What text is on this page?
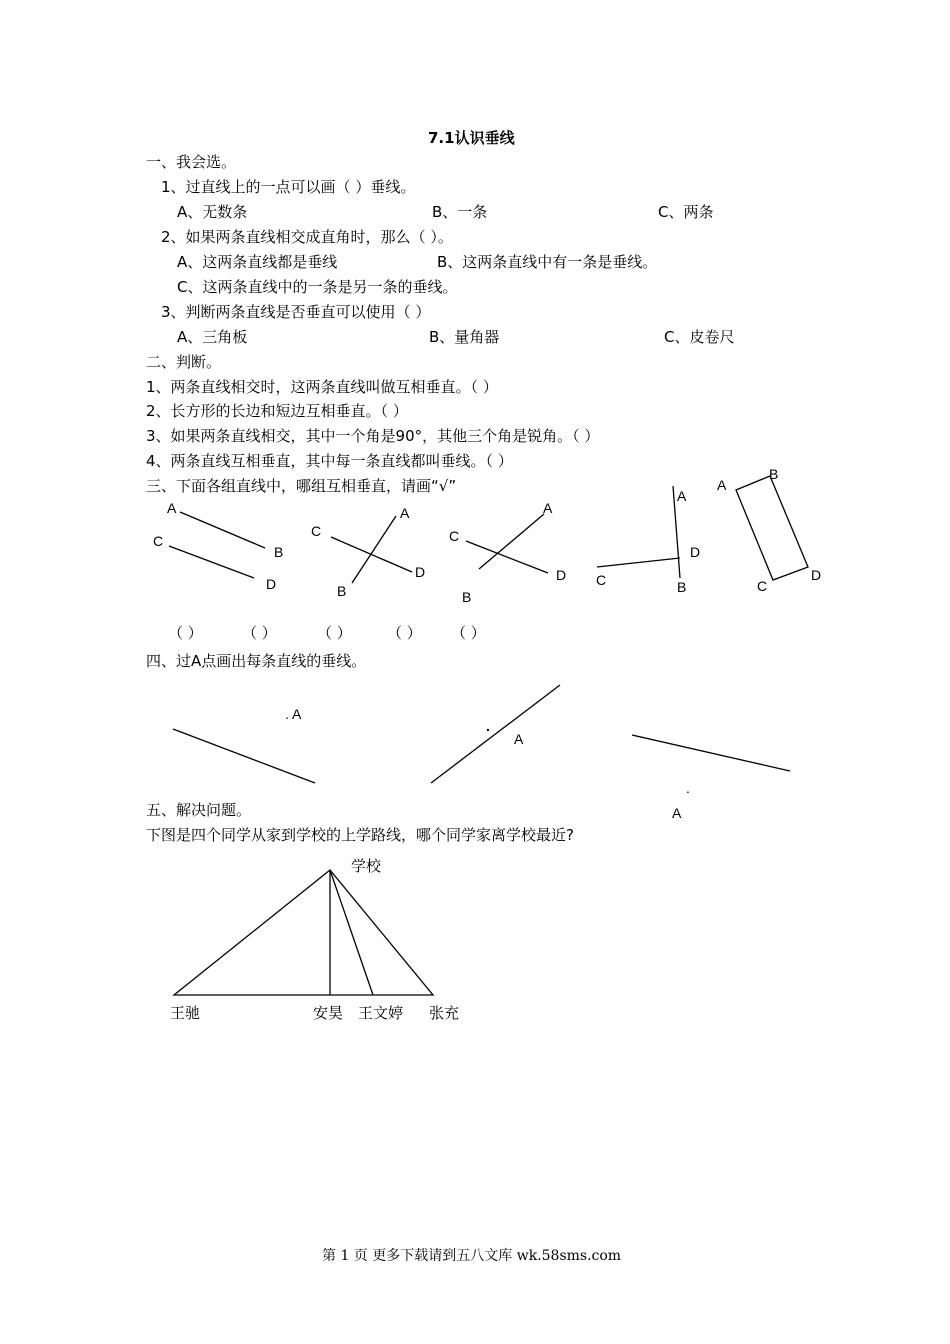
7.1认识垂线
一、我会选。
1、过直线上的一点可以画（ ）垂线。
A、无数条	B、一条	C、两条
2、如果两条直线相交成直角时，那么（ ）。
A、这两条直线都是垂线	B、这两条直线中有一条是垂线。
C、这两条直线中的一条是另一条的垂线。
3、判断两条直线是否垂直可以使用（ ）
A、三角板	B、量角器	C、皮卷尺
二、判断。
1、两条直线相交时，这两条直线叫做互相垂直。（ ）
2、长方形的长边和短边互相垂直。（ ）
3、如果两条直线相交，其中一个角是90°，其他三个角是锐角。（ ）
4、两条直线互相垂直，其中每一条直线都叫垂线。（ ）
三、下面各组直线中，哪组互相垂直，请画“√”
A
B
C
D
A
B
C
D
A
B
C
D
A
B
C
D
A
B
C
D
（ ）	（ ）	（ ） （ ） （ ）
四、过A点画出每条直线的垂线。
. A
.
A
.
A
五、解决问题。
下图是四个同学从家到学校的上学路线，哪个同学家离学校最近?
学校
王驰	安昊 王文婷 张充
第 1 页 更多下载请到五八文库 wk.58sms.com
